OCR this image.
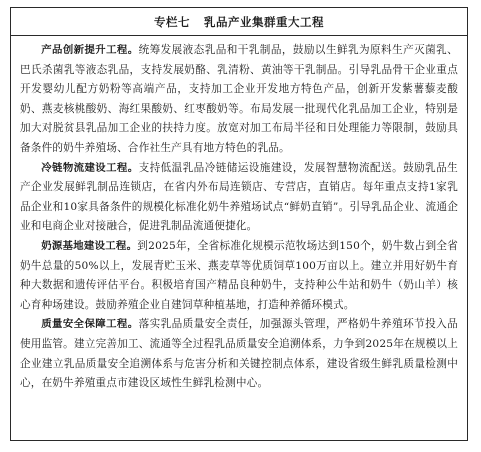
专栏七 乳品产业集群重大工程

产品创新提升工程。统筹发展液态乳品和干乳制品，鼓励以生鲜乳为原料生产灭菌乳、巴氏杀菌乳等液态乳品，支持发展奶酪、乳清粉、黄油等干乳制品。引导乳品骨干企业重点开发婴幼儿配方奶粉等高端产品，支持加工企业开发地方特色产品，创新开发紫薯藜麦酸奶、燕麦核桃酸奶、海红果酸奶、红枣酸奶等。布局发展一批现代化乳品加工企业，特别是加大对脱贫县乳品加工企业的扶持力度。放宽对加工布局半径和日处理能力等限制，鼓励具备条件的奶牛养殖场、合作社生产具有地方特色的乳品。

冷链物流建设工程。支持低温乳品冷链储运设施建设，发展智慧物流配送。鼓励乳品生产企业发展鲜乳制品连锁店，在省内外布局连锁店、专营店，直销店。每年重点支持1家乳品企业和10家具备条件的规模化标准化奶牛养殖场试点“鲜奶直销”。引导乳品企业、流通企业和电商企业对接融合，促进乳制品流通便捷化。

奶源基地建设工程。到2025年，全省标准化规模示范牧场达到150个，奶牛数占到全省奶牛总量的50%以上，发展青贮玉米、燕麦草等优质饲草100万亩以上。建立并用好奶牛育种大数据和遗传评估平台。积极培育国产精品良种奶牛，支持种公牛站和奶牛（奶山羊）核心育种场建设。鼓励养殖企业自建饲草种植基地，打造种养循环模式。

质量安全保障工程。落实乳品质量安全责任，加强源头管理，严格奶牛养殖环节投入品使用监管。建立完善加工、流通等全过程乳品质量安全追溯体系，力争到2025年在规模以上企业建立乳品质量安全追溯体系与危害分析和关键控制点体系，建设省级生鲜乳质量检测中心，在奶牛养殖重点市建设区域性生鲜乳检测中心。
